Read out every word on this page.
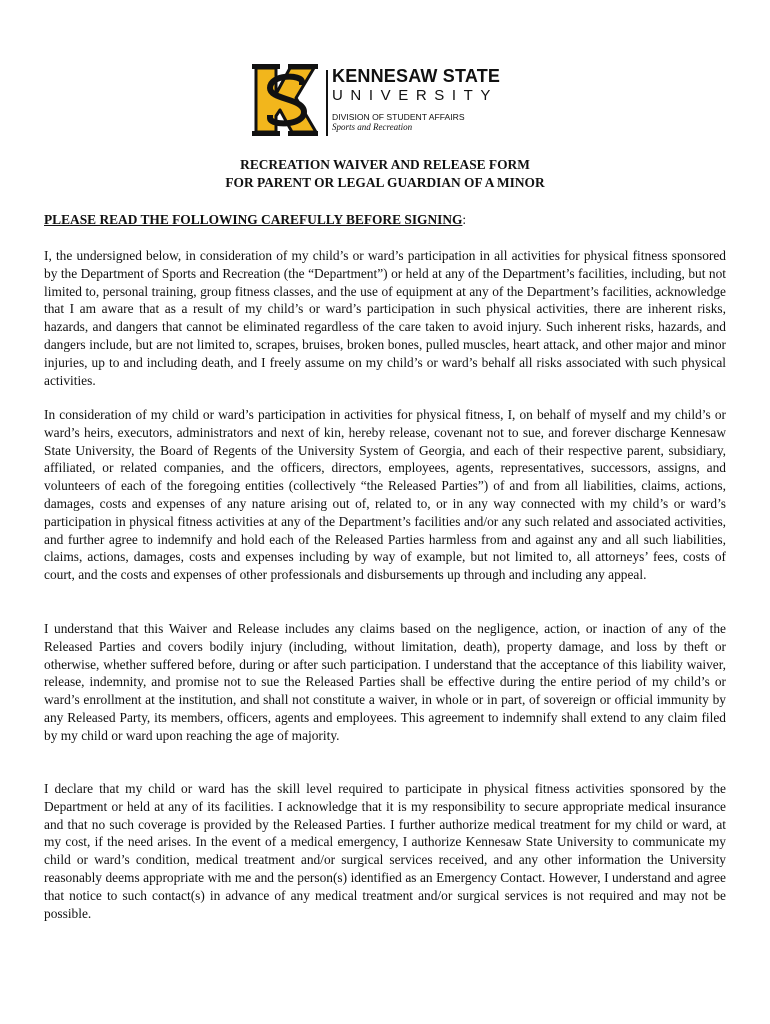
KENNESAW STATE
UNIVERSITY
DIVISION OF STUDENT AFFAIRS
Sports and Recreation
RECREATION WAIVER AND RELEASE FORM
FOR PARENT OR LEGAL GUARDIAN OF A MINOR
PLEASE READ THE FOLLOWING CAREFULLY BEFORE SIGNING:
I, the undersigned below, in consideration of my child’s or ward’s participation in all activities for physical fitness sponsored by the Department of Sports and Recreation (the “Department”) or held at any of the Department’s facilities, including, but not limited to, personal training, group fitness classes, and the use of equipment at any of the Department’s facilities, acknowledge that I am aware that as a result of my child’s or ward’s participation in such physical activities, there are inherent risks, hazards, and dangers that cannot be eliminated regardless of the care taken to avoid injury. Such inherent risks, hazards, and dangers include, but are not limited to, scrapes, bruises, broken bones, pulled muscles, heart attack, and other major and minor injuries, up to and including death, and I freely assume on my child’s or ward’s behalf all risks associated with such physical activities.
In consideration of my child or ward’s participation in activities for physical fitness, I, on behalf of myself and my child’s or ward’s heirs, executors, administrators and next of kin, hereby release, covenant not to sue, and forever discharge Kennesaw State University, the Board of Regents of the University System of Georgia, and each of their respective parent, subsidiary, affiliated, or related companies, and the officers, directors, employees, agents, representatives, successors, assigns, and volunteers of each of the foregoing entities (collectively “the Released Parties”) of and from all liabilities, claims, actions, damages, costs and expenses of any nature arising out of, related to, or in any way connected with my child’s or ward’s participation in physical fitness activities at any of the Department’s facilities and/or any such related and associated activities, and further agree to indemnify and hold each of the Released Parties harmless from and against any and all such liabilities, claims, actions, damages, costs and expenses including by way of example, but not limited to, all attorneys’ fees, costs of court, and the costs and expenses of other professionals and disbursements up through and including any appeal.
I understand that this Waiver and Release includes any claims based on the negligence, action, or inaction of any of the Released Parties and covers bodily injury (including, without limitation, death), property damage, and loss by theft or otherwise, whether suffered before, during or after such participation. I understand that the acceptance of this liability waiver, release, indemnity, and promise not to sue the Released Parties shall be effective during the entire period of my child’s or ward’s enrollment at the institution, and shall not constitute a waiver, in whole or in part, of sovereign or official immunity by any Released Party, its members, officers, agents and employees. This agreement to indemnify shall extend to any claim filed by my child or ward upon reaching the age of majority.
I declare that my child or ward has the skill level required to participate in physical fitness activities sponsored by the Department or held at any of its facilities. I acknowledge that it is my responsibility to secure appropriate medical insurance and that no such coverage is provided by the Released Parties. I further authorize medical treatment for my child or ward, at my cost, if the need arises. In the event of a medical emergency, I authorize Kennesaw State University to communicate my child or ward’s condition, medical treatment and/or surgical services received, and any other information the University reasonably deems appropriate with me and the person(s) identified as an Emergency Contact. However, I understand and agree that notice to such contact(s) in advance of any medical treatment and/or surgical services is not required and may not be possible.
